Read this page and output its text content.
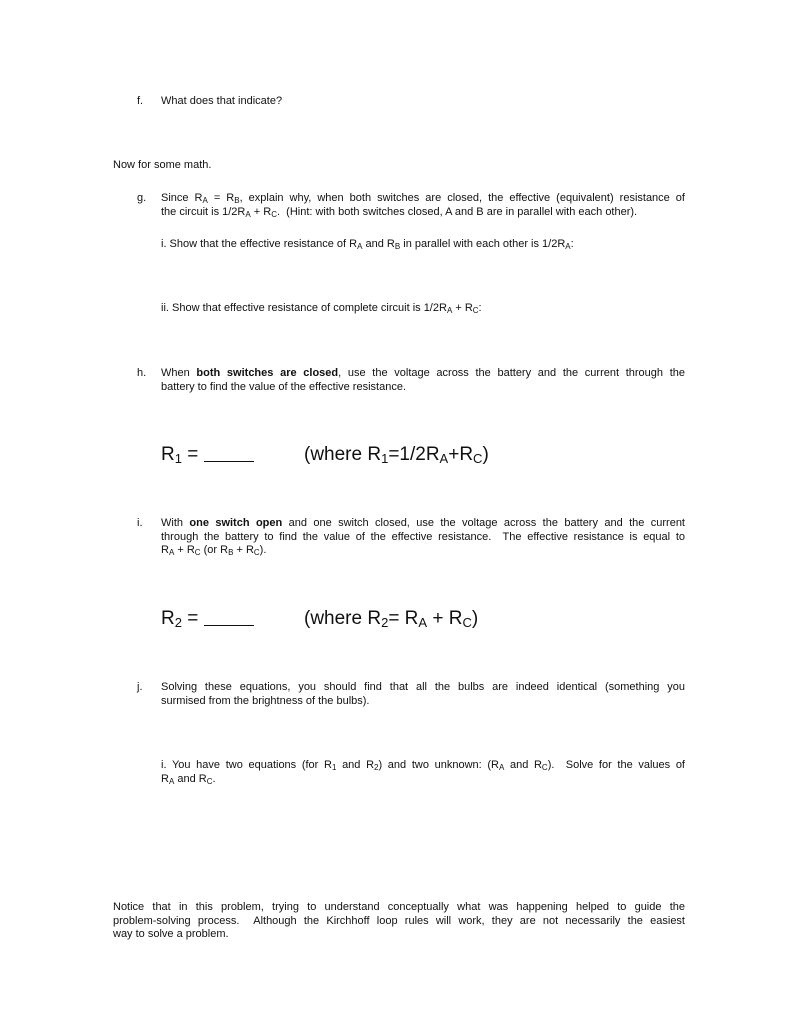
f. What does that indicate?
Now for some math.
g. Since $R_A = R_B$, explain why, when both switches are closed, the effective (equivalent) resistance of
the circuit is $1/2R_A + R_C$.  (Hint: with both switches closed, A and B are in parallel with each other).
i. Show that the effective resistance of $R_A$ and $R_B$ in parallel with each other is $1/2R_A$:
ii. Show that effective resistance of complete circuit is $1/2R_A + R_C$:
h. When both switches are closed, use the voltage across the battery and the current through the
battery to find the value of the effective resistance.
R1 =	(where R1=1/2RA+RC)
i. With one switch open and one switch closed, use the voltage across the battery and the current
through the battery to find the value of the effective resistance.  The effective resistance is equal to
$R_A + R_C$ (or $R_B + R_C$).
R2 =	(where R2= RA + RC)
j. Solving these equations, you should find that all the bulbs are indeed identical (something you
surmised from the brightness of the bulbs).
i. You have two equations (for $R_1$ and $R_2$) and two unknown: ($R_A$ and $R_C$).  Solve for the values of
$R_A$ and $R_C$.
Notice that in this problem, trying to understand conceptually what was happening helped to guide the
problem-solving process.  Although the Kirchhoff loop rules will work, they are not necessarily the easiest
way to solve a problem.
